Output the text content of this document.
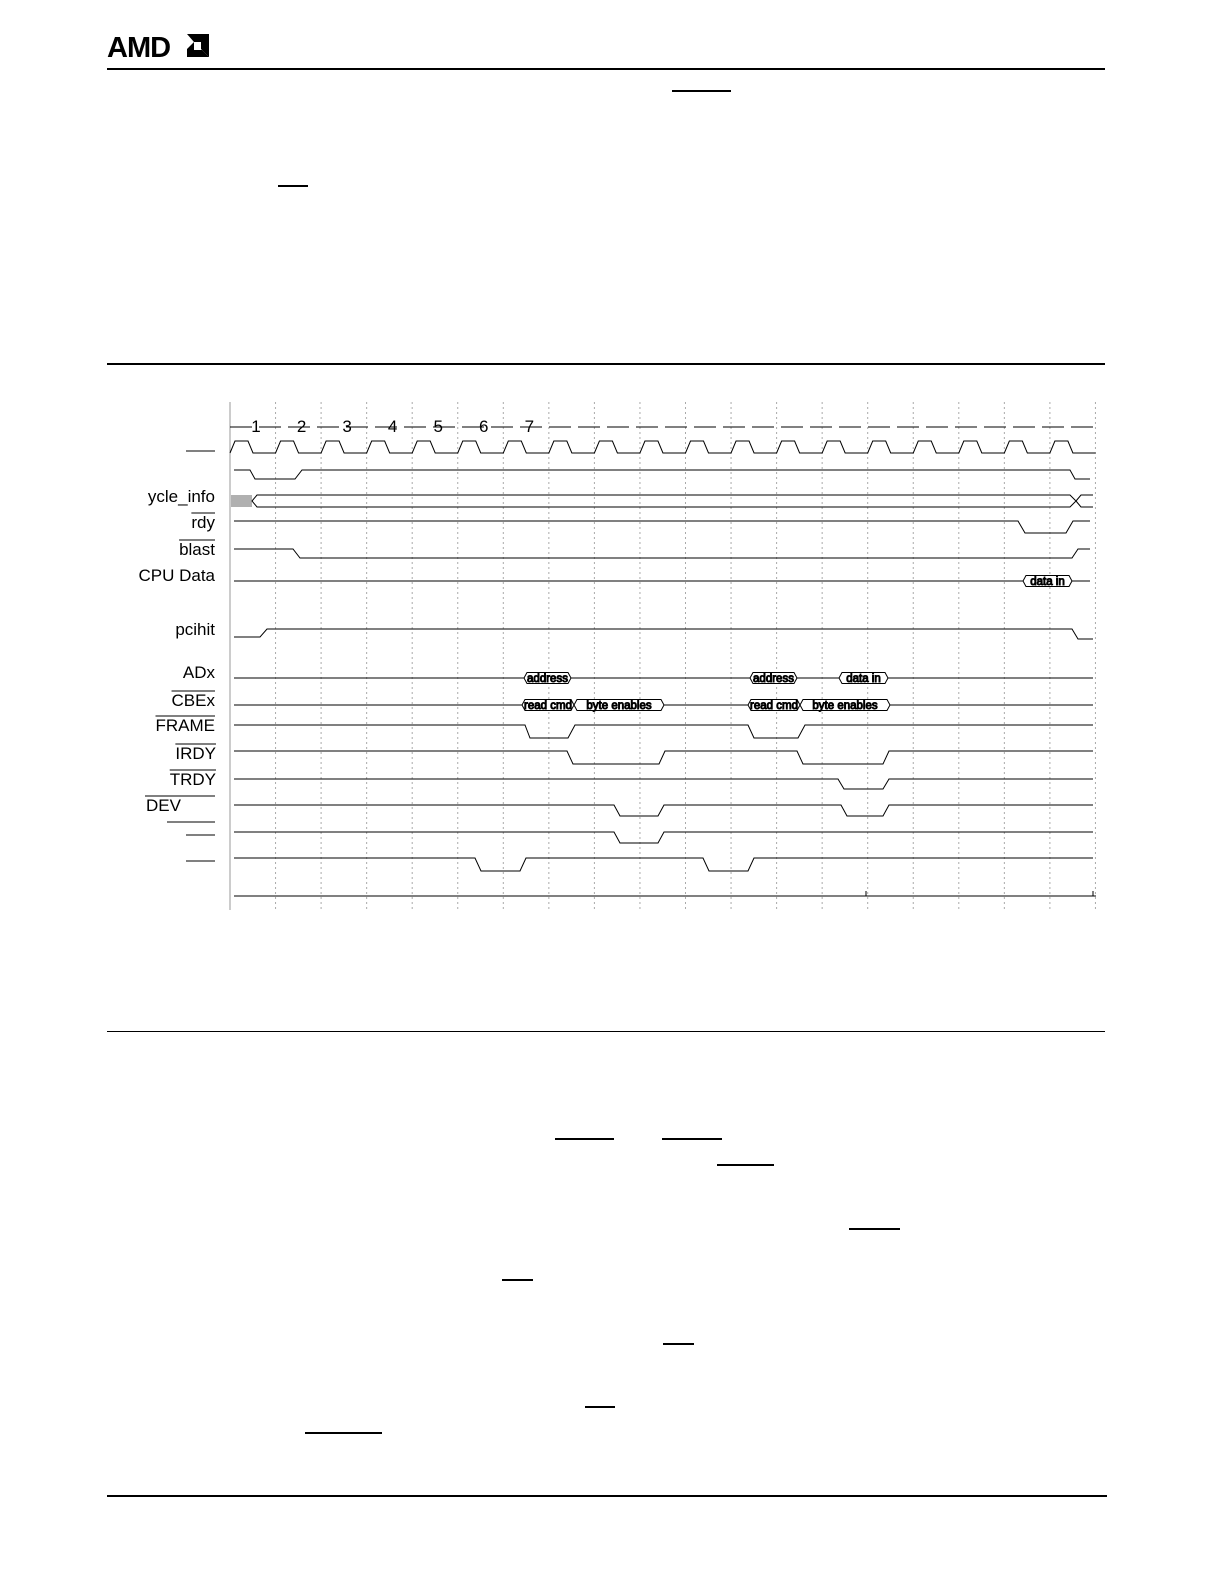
AMD
1 2 3 4 5 6 7
data in
address	address	data in
read cmd byte enables	read cmd byte enables
ycle_info
rdy
blast
CPU Data
pcihit
ADx
CBEx
FRAME
IRDY
TRDY
DEV
